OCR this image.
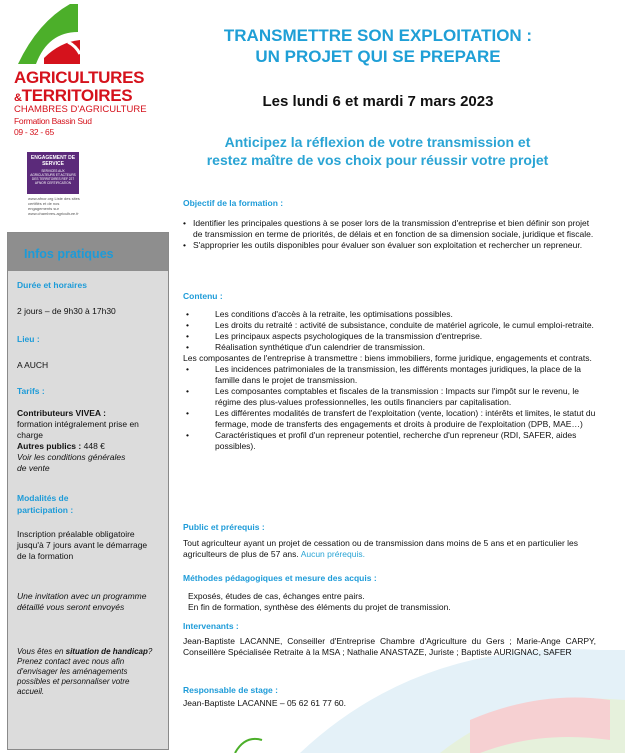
AGRICULTURES
&TERRITOIRES
CHAMBRES D'AGRICULTURE
Formation Bassin Sud
09 - 32 - 65
ENGAGEMENT DE SERVICE
SERVICES AUX AGRICULTEURS ET ACTEURS DES TERRITOIRES REF 227 AFNOR CERTIFICATION
www.afnor.org Liste des sites certifiés et de nos engagements sur www.chambres-agriculture.fr
TRANSMETTRE SON EXPLOITATION :
UN PROJET QUI SE PREPARE
Les lundi 6 et mardi 7 mars 2023
Anticipez la réflexion de votre transmission et
restez maître de vos choix pour réussir votre projet
Infos pratiques
Durée et horaires
2 jours – de 9h30 à 17h30
Lieu :
A AUCH
Tarifs :
Contributeurs VIVEA :
formation intégralement prise en charge
Autres publics : 448 €
Voir les conditions générales de vente
Modalités de
participation :
Inscription préalable obligatoire jusqu'à 7 jours avant le démarrage de la formation
Une invitation avec un programme détaillé vous seront envoyés
Vous êtes en situation de handicap? Prenez contact avec nous afin d'envisager les aménagements possibles et personnaliser votre accueil.
Objectif de la formation :
• Identifier les principales questions à se poser lors de la transmission d'entreprise et bien définir son projet de transmission en terme de priorités, de délais et en fonction de sa dimension sociale, juridique et fiscale.
• S'approprier les outils disponibles pour évaluer son évaluer son exploitation et rechercher un repreneur.
Contenu :
•	Les conditions d'accès à la retraite, les optimisations possibles.
•	Les droits du retraité : activité de subsistance, conduite de matériel agricole, le cumul emploi-retraite.
•	Les principaux aspects psychologiques de la transmission d'entreprise.
•	Réalisation synthétique d'un calendrier de transmission.
Les composantes de l'entreprise à transmettre : biens immobiliers, forme juridique, engagements et contrats.
•	Les incidences patrimoniales de la transmission, les différents montages juridiques, la place de la famille dans le projet de transmission.
•	Les composantes comptables et fiscales de la transmission : Impacts sur l'impôt sur le revenu, le régime des plus-values professionnelles, les outils financiers par capitalisation.
•	Les différentes modalités de transfert de l'exploitation (vente, location) : intérêts et limites, le statut du fermage, mode de transferts des engagements et droits à produire de l'exploitation (DPB, MAE…)
•	Caractéristiques et profil d'un repreneur potentiel, recherche d'un repreneur (RDI, SAFER, aides possibles).
Public et prérequis :
Tout agriculteur ayant un projet de cessation ou de transmission dans moins de 5 ans et en particulier les agriculteurs de plus de 57 ans. Aucun prérequis.
Méthodes pédagogiques et mesure des acquis :
Exposés, études de cas, échanges entre pairs.
En fin de formation, synthèse des éléments du projet de transmission.
Intervenants :
Jean-Baptiste LACANNE, Conseiller d'Entreprise Chambre d'Agriculture du Gers ; Marie-Ange CARPY, Conseillère Spécialisée Retraite à la MSA ; Nathalie ANASTAZE, Juriste ; Baptiste AURIGNAC, SAFER
Responsable de stage :
Jean-Baptiste LACANNE – 05 62 61 77 60.
